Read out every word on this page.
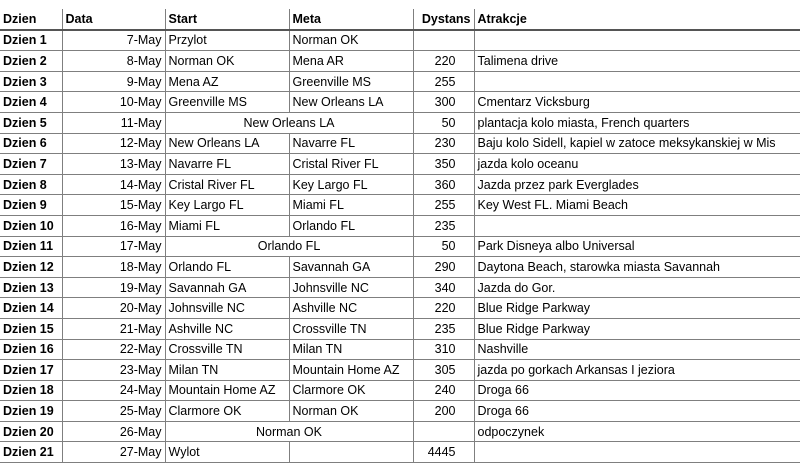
Dzien	Data	Start	Meta	Dystans	Atrakcje
Dzien 1	7-May	Przylot	Norman OK		
Dzien 2	8-May	Norman OK	Mena AR	220	Talimena drive
Dzien 3	9-May	Mena AZ	Greenville MS	255	
Dzien 4	10-May	Greenville MS	New Orleans LA	300	Cmentarz Vicksburg
Dzien 5	11-May	New Orleans LA		50	plantacja kolo miasta, French quarters
Dzien 6	12-May	New Orleans LA	Navarre FL	230	Baju kolo Sidell, kapiel w zatoce meksykanskiej w Mis
Dzien 7	13-May	Navarre FL	Cristal River FL	350	jazda kolo oceanu
Dzien 8	14-May	Cristal River FL	Key Largo FL	360	Jazda przez park Everglades
Dzien 9	15-May	Key Largo FL	Miami FL	255	Key West FL. Miami Beach
Dzien 10	16-May	Miami FL	Orlando FL	235	
Dzien 11	17-May	Orlando FL		50	Park Disneya albo Universal
Dzien 12	18-May	Orlando FL	Savannah GA	290	Daytona Beach, starowka miasta Savannah
Dzien 13	19-May	Savannah GA	Johnsville NC	340	Jazda do Gor.
Dzien 14	20-May	Johnsville NC	Ashville NC	220	Blue Ridge Parkway
Dzien 15	21-May	Ashville NC	Crossville TN	235	Blue Ridge Parkway
Dzien 16	22-May	Crossville TN	Milan TN	310	Nashville
Dzien 17	23-May	Milan TN	Mountain Home AZ	305	jazda po gorkach Arkansas I jeziora
Dzien 18	24-May	Mountain Home AZ	Clarmore OK	240	Droga 66
Dzien 19	25-May	Clarmore OK	Norman OK	200	Droga 66
Dzien 20	26-May	Norman OK			odpoczynek
Dzien 21	27-May	Wylot		4445	
